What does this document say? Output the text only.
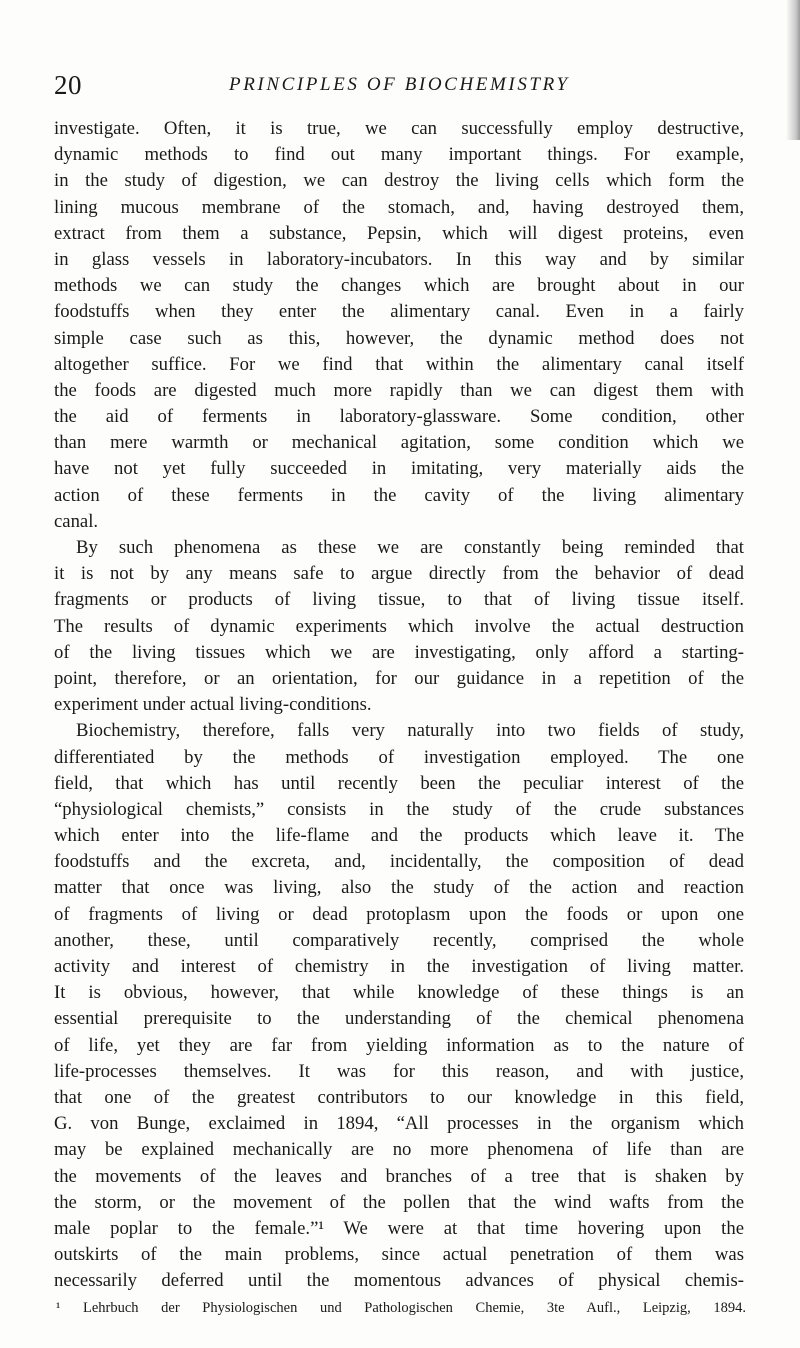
20	PRINCIPLES OF BIOCHEMISTRY
investigate. Often, it is true, we can successfully employ destructive,
dynamic methods to find out many important things. For example,
in the study of digestion, we can destroy the living cells which form the
lining mucous membrane of the stomach, and, having destroyed them,
extract from them a substance, Pepsin, which will digest proteins, even
in glass vessels in laboratory-incubators. In this way and by similar
methods we can study the changes which are brought about in our
foodstuffs when they enter the alimentary canal. Even in a fairly
simple case such as this, however, the dynamic method does not
altogether suffice. For we find that within the alimentary canal itself
the foods are digested much more rapidly than we can digest them with
the aid of ferments in laboratory-glassware. Some condition, other
than mere warmth or mechanical agitation, some condition which we
have not yet fully succeeded in imitating, very materially aids the
action of these ferments in the cavity of the living alimentary
canal.
By such phenomena as these we are constantly being reminded that
it is not by any means safe to argue directly from the behavior of dead
fragments or products of living tissue, to that of living tissue itself.
The results of dynamic experiments which involve the actual destruction
of the living tissues which we are investigating, only afford a starting-
point, therefore, or an orientation, for our guidance in a repetition of the
experiment under actual living-conditions.
Biochemistry, therefore, falls very naturally into two fields of study,
differentiated by the methods of investigation employed. The one
field, that which has until recently been the peculiar interest of the
“physiological chemists,” consists in the study of the crude substances
which enter into the life-flame and the products which leave it. The
foodstuffs and the excreta, and, incidentally, the composition of dead
matter that once was living, also the study of the action and reaction
of fragments of living or dead protoplasm upon the foods or upon one
another, these, until comparatively recently, comprised the whole
activity and interest of chemistry in the investigation of living matter.
It is obvious, however, that while knowledge of these things is an
essential prerequisite to the understanding of the chemical phenomena
of life, yet they are far from yielding information as to the nature of
life-processes themselves. It was for this reason, and with justice,
that one of the greatest contributors to our knowledge in this field,
G. von Bunge, exclaimed in 1894, “All processes in the organism which
may be explained mechanically are no more phenomena of life than are
the movements of the leaves and branches of a tree that is shaken by
the storm, or the movement of the pollen that the wind wafts from the
male poplar to the female.”¹ We were at that time hovering upon the
outskirts of the main problems, since actual penetration of them was
necessarily deferred until the momentous advances of physical chemis-
¹ Lehrbuch der Physiologischen und Pathologischen Chemie, 3te Aufl., Leipzig, 1894.
